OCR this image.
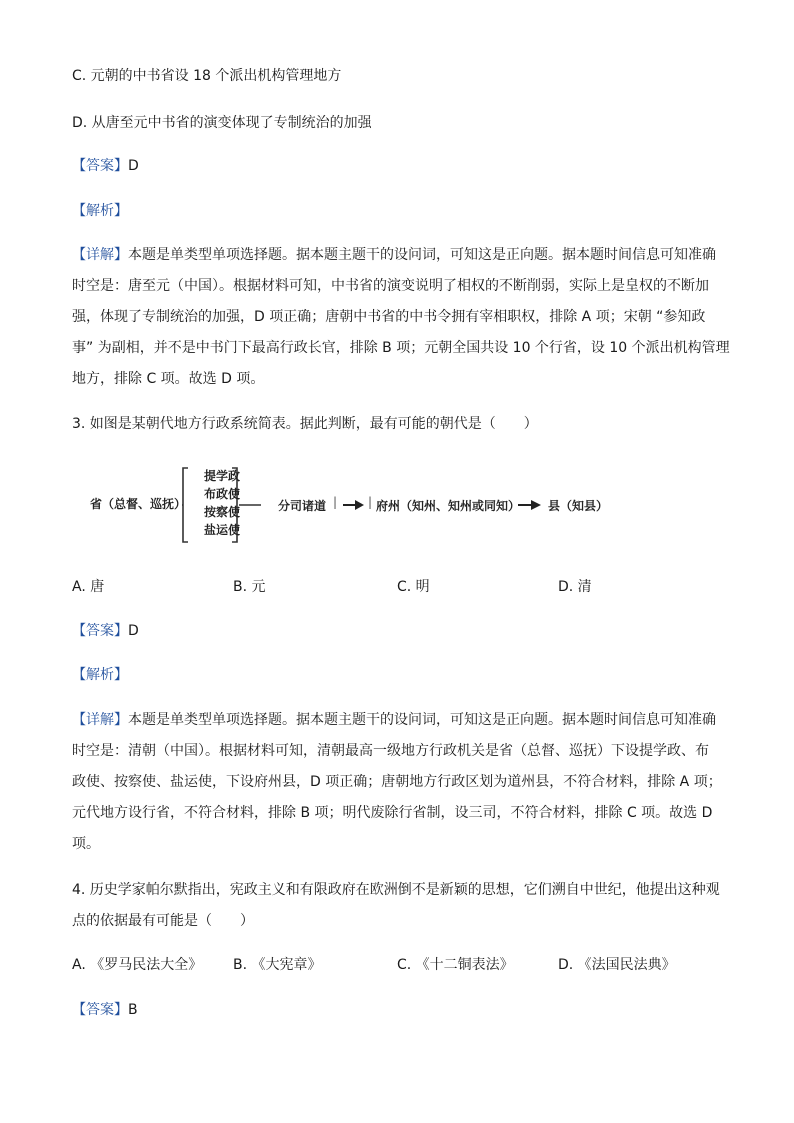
C. 元朝的中书省设 18 个派出机构管理地方
D. 从唐至元中书省的演变体现了专制统治的加强
【答案】D
【解析】
【详解】本题是单类型单项选择题。据本题主题干的设问词，可知这是正向题。据本题时间信息可知准确
时空是：唐至元（中国）。根据材料可知，中书省的演变说明了相权的不断削弱，实际上是皇权的不断加
强，体现了专制统治的加强，D 项正确；唐朝中书省的中书令拥有宰相职权，排除 A 项；宋朝 “参知政
事” 为副相，并不是中书门下最高行政长官，排除 B 项；元朝全国共设 10 个行省，设 10 个派出机构管理
地方，排除 C 项。故选 D 项。
3. 如图是某朝代地方行政系统简表。据此判断，最有可能的朝代是（　　）
省（总督、巡抚）
提学政
布政使
按察使
盐运使
分司诸道 |	| 府州（知州、知州或同知） 县（知县）
A. 唐	B. 元	C. 明	D. 清
【答案】D
【解析】
【详解】本题是单类型单项选择题。据本题主题干的设问词，可知这是正向题。据本题时间信息可知准确
时空是：清朝（中国）。根据材料可知，清朝最高一级地方行政机关是省（总督、巡抚）下设提学政、布
政使、按察使、盐运使，下设府州县，D 项正确；唐朝地方行政区划为道州县，不符合材料，排除 A 项；
元代地方设行省，不符合材料，排除 B 项；明代废除行省制，设三司，不符合材料，排除 C 项。故选 D
项。
4. 历史学家帕尔默指出，宪政主义和有限政府在欧洲倒不是新颖的思想，它们溯自中世纪，他提出这种观
点的依据最有可能是（　　）
A. 《罗马民法大全》 B. 《大宪章》	C. 《十二铜表法》	D. 《法国民法典》
【答案】B
